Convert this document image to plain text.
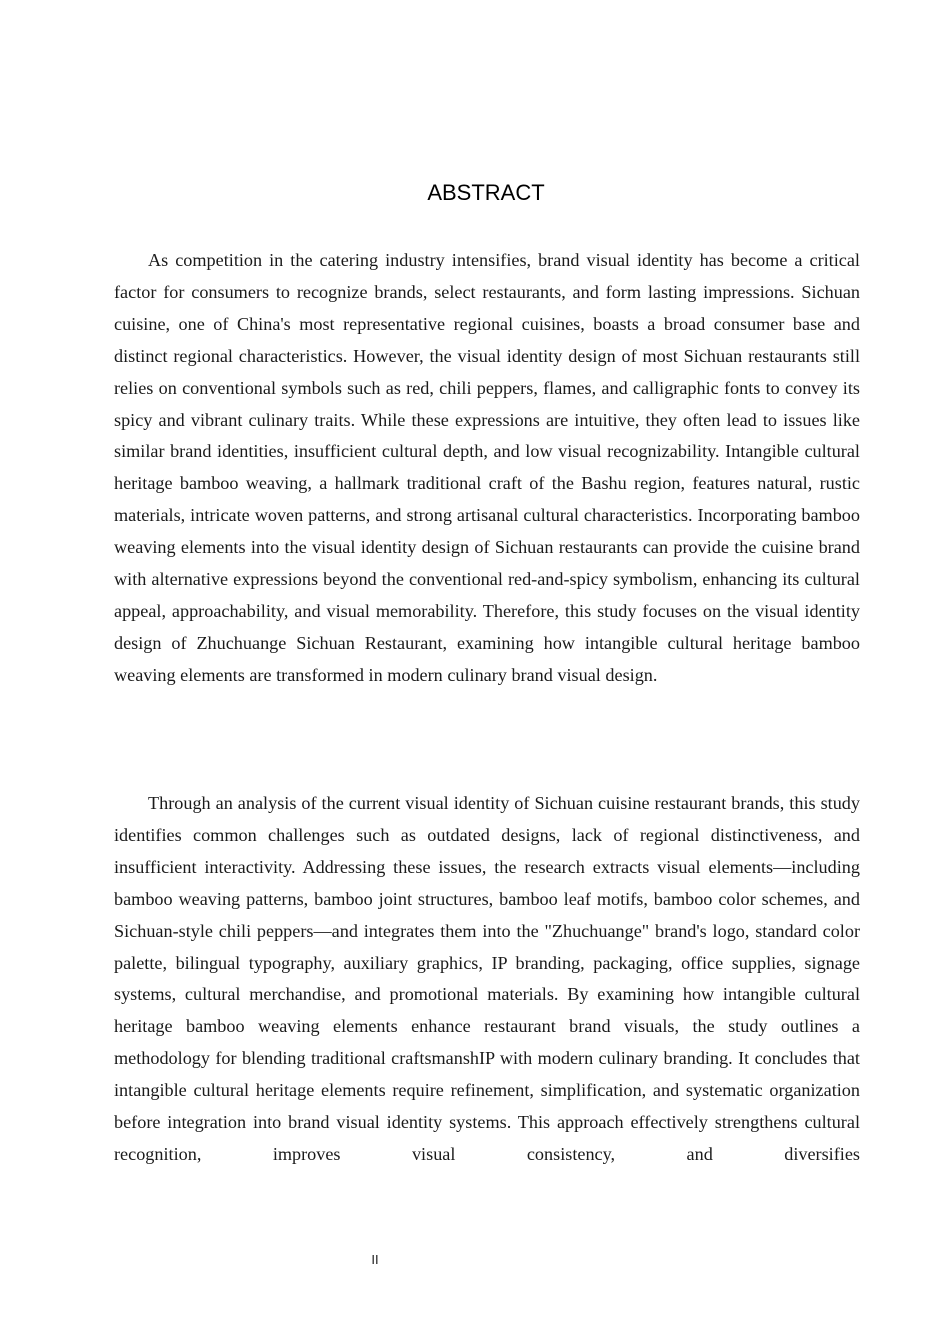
ABSTRACT

As competition in the catering industry intensifies, brand visual identity has become a critical factor for consumers to recognize brands, select restaurants, and form lasting impressions. Sichuan cuisine, one of China's most representative regional cuisines, boasts a broad consumer base and distinct regional characteristics. However, the visual identity design of most Sichuan restaurants still relies on conventional symbols such as red, chili peppers, flames, and calligraphic fonts to convey its spicy and vibrant culinary traits. While these expressions are intuitive, they often lead to issues like similar brand identities, insufficient cultural depth, and low visual recognizability. Intangible cultural heritage bamboo weaving, a hallmark traditional craft of the Bashu region, features natural, rustic materials, intricate woven patterns, and strong artisanal cultural characteristics. Incorporating bamboo weaving elements into the visual identity design of Sichuan restaurants can provide the cuisine brand with alternative expressions beyond the conventional red-and-spicy symbolism, enhancing its cultural appeal, approachability, and visual memorability. Therefore, this study focuses on the visual identity design of Zhuchuange Sichuan Restaurant, examining how intangible cultural heritage bamboo weaving elements are transformed in modern culinary brand visual design.

Through an analysis of the current visual identity of Sichuan cuisine restaurant brands, this study identifies common challenges such as outdated designs, lack of regional distinctiveness, and insufficient interactivity. Addressing these issues, the research extracts visual elements—including bamboo weaving patterns, bamboo joint structures, bamboo leaf motifs, bamboo color schemes, and Sichuan-style chili peppers—and integrates them into the "Zhuchuange" brand's logo, standard color palette, bilingual typography, auxiliary graphics, IP branding, packaging, office supplies, signage systems, cultural merchandise, and promotional materials. By examining how intangible cultural heritage bamboo weaving elements enhance restaurant brand visuals, the study outlines a methodology for blending traditional craftsmanshIP with modern culinary branding. It concludes that intangible cultural heritage elements require refinement, simplification, and systematic organization before integration into brand visual identity systems. This approach effectively strengthens cultural recognition, improves visual consistency, and diversifies

II
